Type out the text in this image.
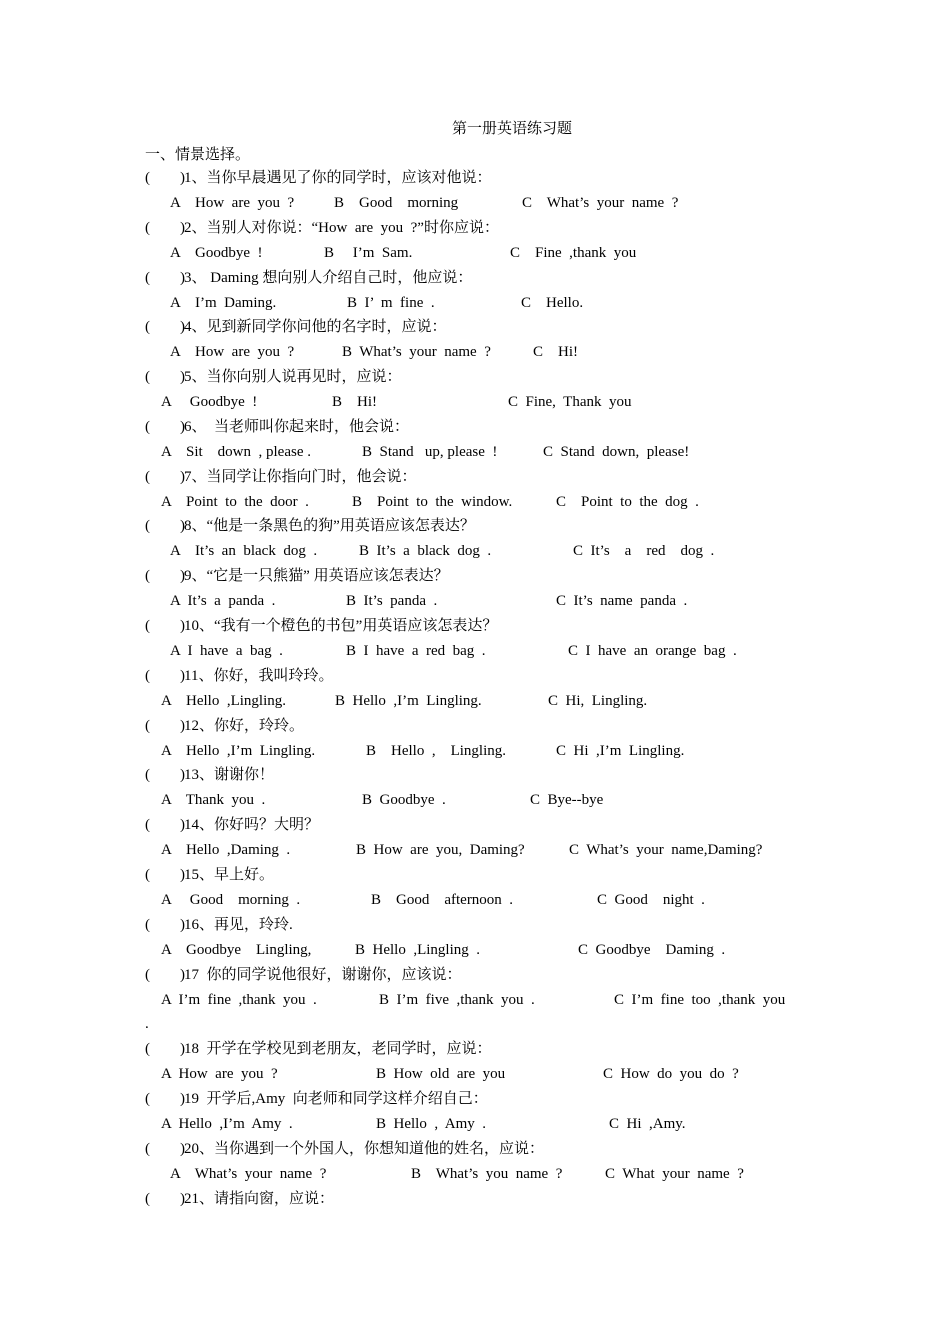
第一册英语练习题
一、情景选择。
(        ) 1、当你早晨遇见了你的同学时，应该对他说：
A    How  are  you  ?	B    Good    morning	C    What’s  your  name  ?
(        ) 2、当别人对你说：“How  are  you  ?”时你应说：
A    Goodbye  !	B     I’m  Sam.	C    Fine  ,thank  you
(        ) 3、 Daming 想向别人介绍自己时，他应说：
A    I’m  Daming.	B  I’  m  fine  .	C    Hello.
(        ) 4、见到新同学你问他的名字时，应说：
A    How  are  you  ?	B  What’s  your  name  ?	C    Hi!
(        ) 5、当你向别人说再见时，应说：
A     Goodbye  !	B    Hi!	C  Fine,  Thank  you
(        ) 6、  当老师叫你起来时，他会说：
A    Sit    down  , please .	B  Stand   up, please  !	C  Stand  down,  please!
(        ) 7、当同学让你指向门时，他会说：
A    Point  to  the  door  .	B    Point  to  the  window.	C    Point  to  the  dog  .
(        ) 8、“他是一条黑色的狗”用英语应该怎表达？
A    It’s  an  black  dog  .	B  It’s  a  black  dog  .	C  It’s    a    red    dog  .
(        ) 9、“它是一只熊猫” 用英语应该怎表达？
A  It’s  a  panda  .	B  It’s  panda  .	C  It’s  name  panda  .
(        ) 10、“我有一个橙色的书包”用英语应该怎表达？
A  I  have  a  bag  .	B  I  have  a  red  bag  .	C  I  have  an  orange  bag  .
(        ) 11、你好，我叫玲玲。
A    Hello  ,Lingling.	B  Hello  ,I’m  Lingling.	C  Hi,  Lingling.
(        ) 12、你好，玲玲。
A    Hello  ,I’m  Lingling.	B    Hello  ,    Lingling.	C  Hi  ,I’m  Lingling.
(        ) 13、谢谢你！
A    Thank  you  .	B  Goodbye  .	C  Bye--bye
(        ) 14、你好吗？大明？
A    Hello  ,Daming  .	B  How  are  you,  Daming?	C  What’s  your  name,Daming?
(        ) 15、早上好。
A     Good    morning  .	B    Good    afternoon  .	C  Good    night  .
(        ) 16、再见，玲玲.
A    Goodbye    Lingling,	B  Hello  ,Lingling  .	C  Goodbye    Daming  .
(        ) 17  你的同学说他很好，谢谢你，应该说：
A  I’m  fine  ,thank  you  .	B  I’m  five  ,thank  you  .	C  I’m  fine  too  ,thank  you
.
(        ) 18  开学在学校见到老朋友，老同学时，应说：
A  How  are  you  ?	B  How  old  are  you	C  How  do  you  do  ?
(        ) 19  开学后,Amy  向老师和同学这样介绍自己：
A  Hello  ,I’m  Amy  .	B  Hello  ,  Amy  .	C  Hi  ,Amy.
(        ) 20、当你遇到一个外国人，你想知道他的姓名，应说：
A    What’s  your  name  ?	B    What’s  you  name  ?	C  What  your  name  ?
(        ) 21、请指向窗，应说：
